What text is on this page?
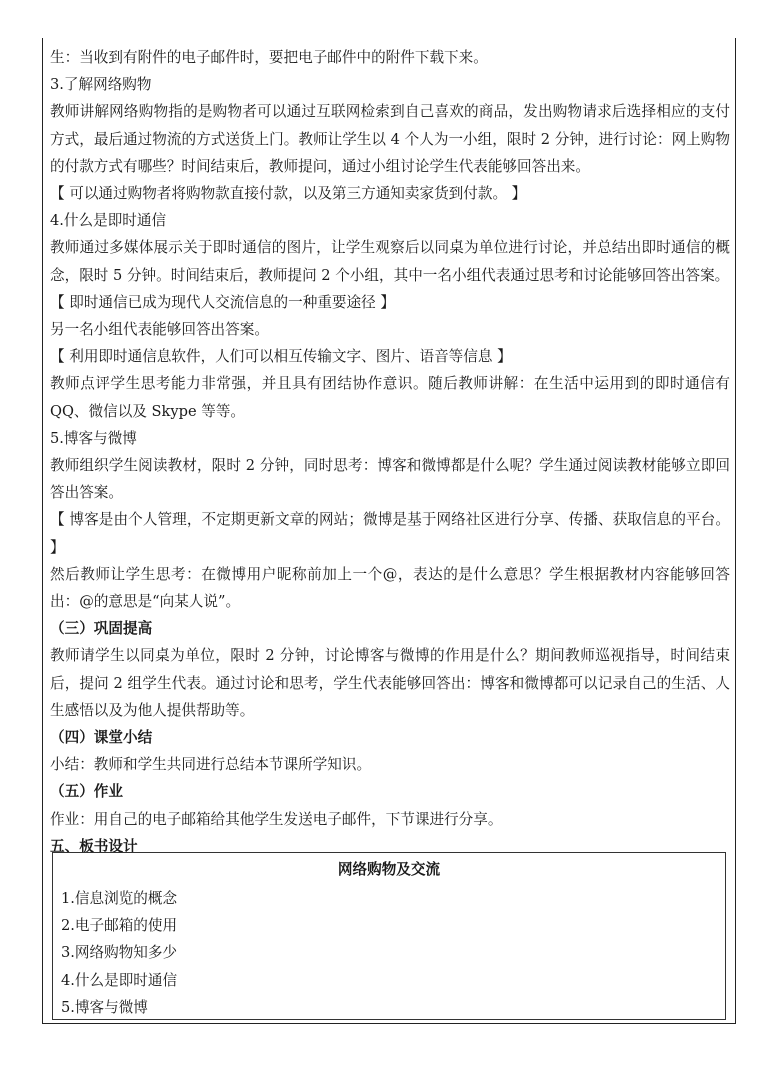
生：当收到有附件的电子邮件时，要把电子邮件中的附件下载下来。

3.了解网络购物

教师讲解网络购物指的是购物者可以通过互联网检索到自己喜欢的商品，发出购物请求后选择相应的支付方式，最后通过物流的方式送货上门。教师让学生以 4 个人为一小组，限时 2 分钟，进行讨论：网上购物的付款方式有哪些？时间结束后，教师提问，通过小组讨论学生代表能够回答出来。

【 可以通过购物者将购物款直接付款，以及第三方通知卖家货到付款。 】

4.什么是即时通信

教师通过多媒体展示关于即时通信的图片，让学生观察后以同桌为单位进行讨论，并总结出即时通信的概念，限时 5 分钟。时间结束后，教师提问 2 个小组，其中一名小组代表通过思考和讨论能够回答出答案。

【 即时通信已成为现代人交流信息的一种重要途径 】

另一名小组代表能够回答出答案。

【 利用即时通信息软件，人们可以相互传输文字、图片、语音等信息 】

教师点评学生思考能力非常强，并且具有团结协作意识。随后教师讲解：在生活中运用到的即时通信有 QQ、微信以及 Skype 等等。

5.博客与微博

教师组织学生阅读教材，限时 2 分钟，同时思考：博客和微博都是什么呢？学生通过阅读教材能够立即回答出答案。

【 博客是由个人管理，不定期更新文章的网站；微博是基于网络社区进行分享、传播、获取信息的平台。 】

然后教师让学生思考：在微博用户昵称前加上一个@，表达的是什么意思？学生根据教材内容能够回答出：@的意思是“向某人说”。

（三）巩固提高

教师请学生以同桌为单位，限时 2 分钟，讨论博客与微博的作用是什么？期间教师巡视指导，时间结束后，提问 2 组学生代表。通过讨论和思考，学生代表能够回答出：博客和微博都可以记录自己的生活、人生感悟以及为他人提供帮助等。

（四）课堂小结

小结：教师和学生共同进行总结本节课所学知识。

（五）作业

作业：用自己的电子邮箱给其他学生发送电子邮件，下节课进行分享。

五、板书设计

网络购物及交流
1.信息浏览的概念
2.电子邮箱的使用
3.网络购物知多少
4.什么是即时通信
5.博客与微博
